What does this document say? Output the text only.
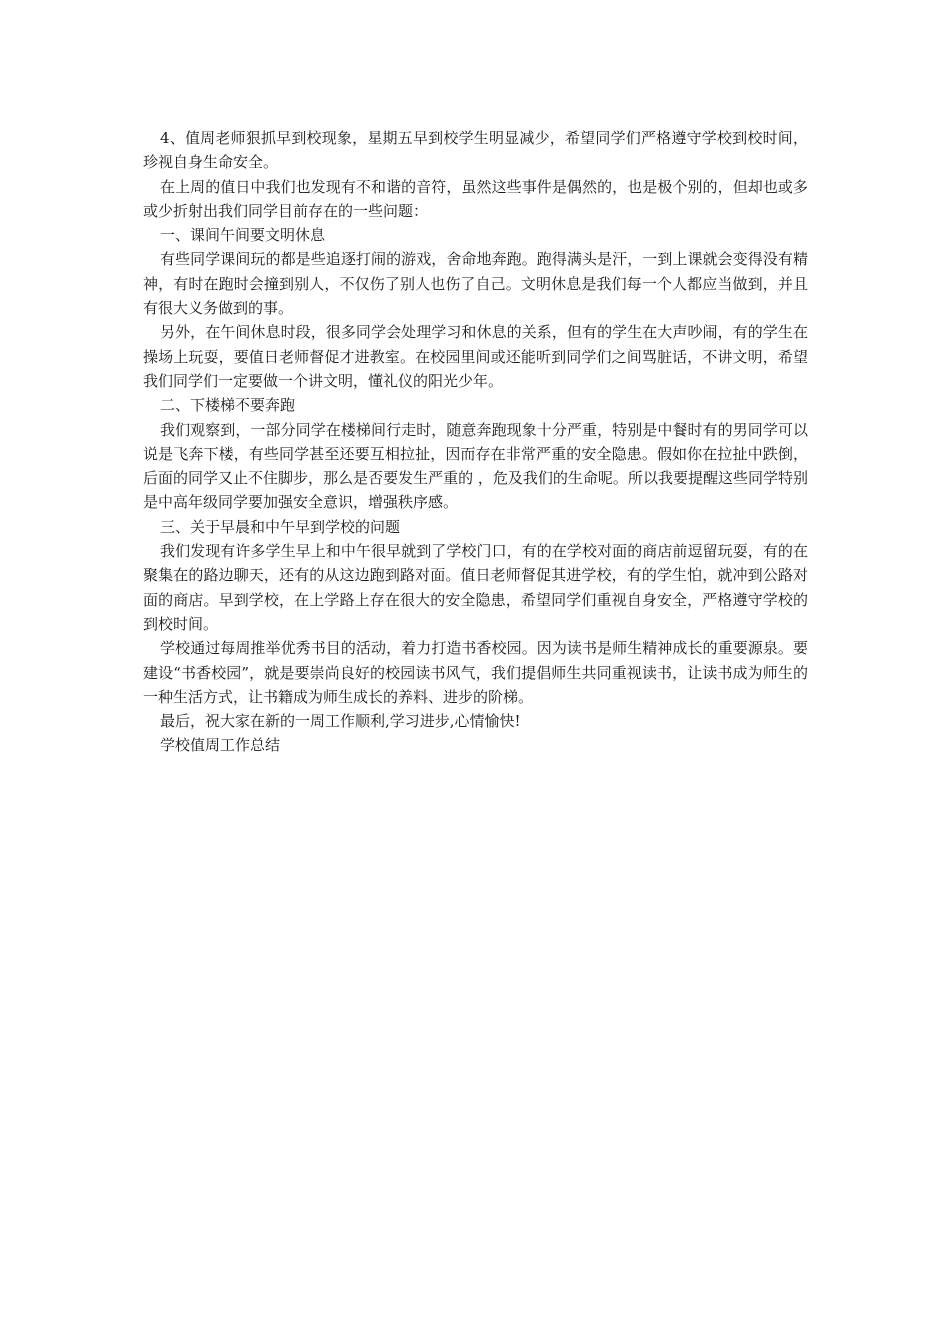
4、值周老师狠抓早到校现象，星期五早到校学生明显减少，希望同学们严格遵守学校到校时间，珍视自身生命安全。

在上周的值日中我们也发现有不和谐的音符，虽然这些事件是偶然的，也是极个别的，但却也或多或少折射出我们同学目前存在的一些问题：

一、课间午间要文明休息

有些同学课间玩的都是些追逐打闹的游戏，舍命地奔跑。跑得满头是汗，一到上课就会变得没有精神，有时在跑时会撞到别人，不仅伤了别人也伤了自己。文明休息是我们每一个人都应当做到，并且有很大义务做到的事。

另外，在午间休息时段，很多同学会处理学习和休息的关系，但有的学生在大声吵闹，有的学生在操场上玩耍，要值日老师督促才进教室。在校园里间或还能听到同学们之间骂脏话，不讲文明，希望我们同学们一定要做一个讲文明，懂礼仪的阳光少年。

二、下楼梯不要奔跑

我们观察到，一部分同学在楼梯间行走时，随意奔跑现象十分严重，特别是中餐时有的男同学可以说是飞奔下楼，有些同学甚至还要互相拉扯，因而存在非常严重的安全隐患。假如你在拉扯中跌倒，后面的同学又止不住脚步，那么是否要发生严重的 ，危及我们的生命呢。所以我要提醒这些同学特别是中高年级同学要加强安全意识，增强秩序感。

三、关于早晨和中午早到学校的问题

我们发现有许多学生早上和中午很早就到了学校门口，有的在学校对面的商店前逗留玩耍，有的在聚集在的路边聊天，还有的从这边跑到路对面。值日老师督促其进学校，有的学生怕，就冲到公路对面的商店。早到学校，在上学路上存在很大的安全隐患，希望同学们重视自身安全，严格遵守学校的到校时间。

学校通过每周推举优秀书目的活动，着力打造书香校园。因为读书是师生精神成长的重要源泉。要建设“书香校园”，就是要崇尚良好的校园读书风气，我们提倡师生共同重视读书，让读书成为师生的一种生活方式，让书籍成为师生成长的养料、进步的阶梯。

最后，祝大家在新的一周工作顺利,学习进步,心情愉快!

学校值周工作总结
